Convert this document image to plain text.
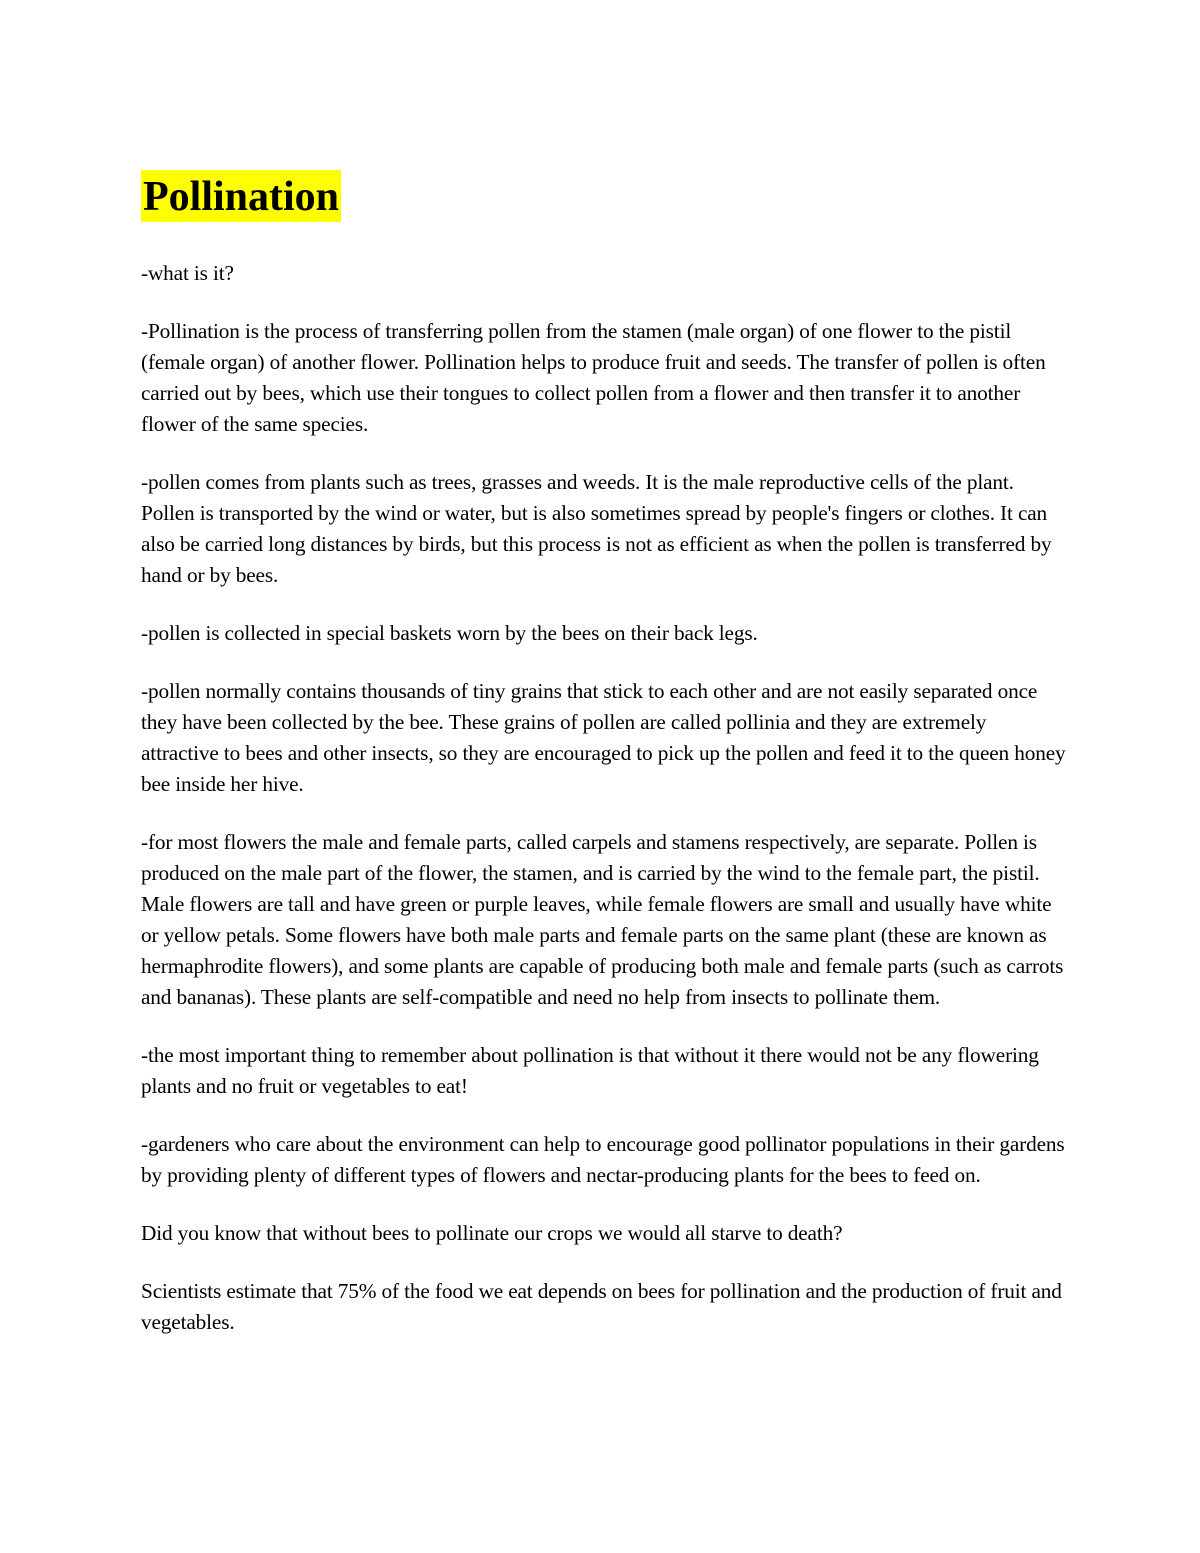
Pollination

-what is it?

-Pollination is the process of transferring pollen from the stamen (male organ) of one flower to the pistil (female organ) of another flower. Pollination helps to produce fruit and seeds. The transfer of pollen is often carried out by bees, which use their tongues to collect pollen from a flower and then transfer it to another flower of the same species.

-pollen comes from plants such as trees, grasses and weeds. It is the male reproductive cells of the plant. Pollen is transported by the wind or water, but is also sometimes spread by people's fingers or clothes. It can also be carried long distances by birds, but this process is not as efficient as when the pollen is transferred by hand or by bees.

-pollen is collected in special baskets worn by the bees on their back legs.

-pollen normally contains thousands of tiny grains that stick to each other and are not easily separated once they have been collected by the bee. These grains of pollen are called pollinia and they are extremely attractive to bees and other insects, so they are encouraged to pick up the pollen and feed it to the queen honey bee inside her hive.

-for most flowers the male and female parts, called carpels and stamens respectively, are separate. Pollen is produced on the male part of the flower, the stamen, and is carried by the wind to the female part, the pistil. Male flowers are tall and have green or purple leaves, while female flowers are small and usually have white or yellow petals. Some flowers have both male parts and female parts on the same plant (these are known as hermaphrodite flowers), and some plants are capable of producing both male and female parts (such as carrots and bananas). These plants are self-compatible and need no help from insects to pollinate them.

-the most important thing to remember about pollination is that without it there would not be any flowering plants and no fruit or vegetables to eat!

-gardeners who care about the environment can help to encourage good pollinator populations in their gardens by providing plenty of different types of flowers and nectar-producing plants for the bees to feed on.

Did you know that without bees to pollinate our crops we would all starve to death?

Scientists estimate that 75% of the food we eat depends on bees for pollination and the production of fruit and vegetables.
